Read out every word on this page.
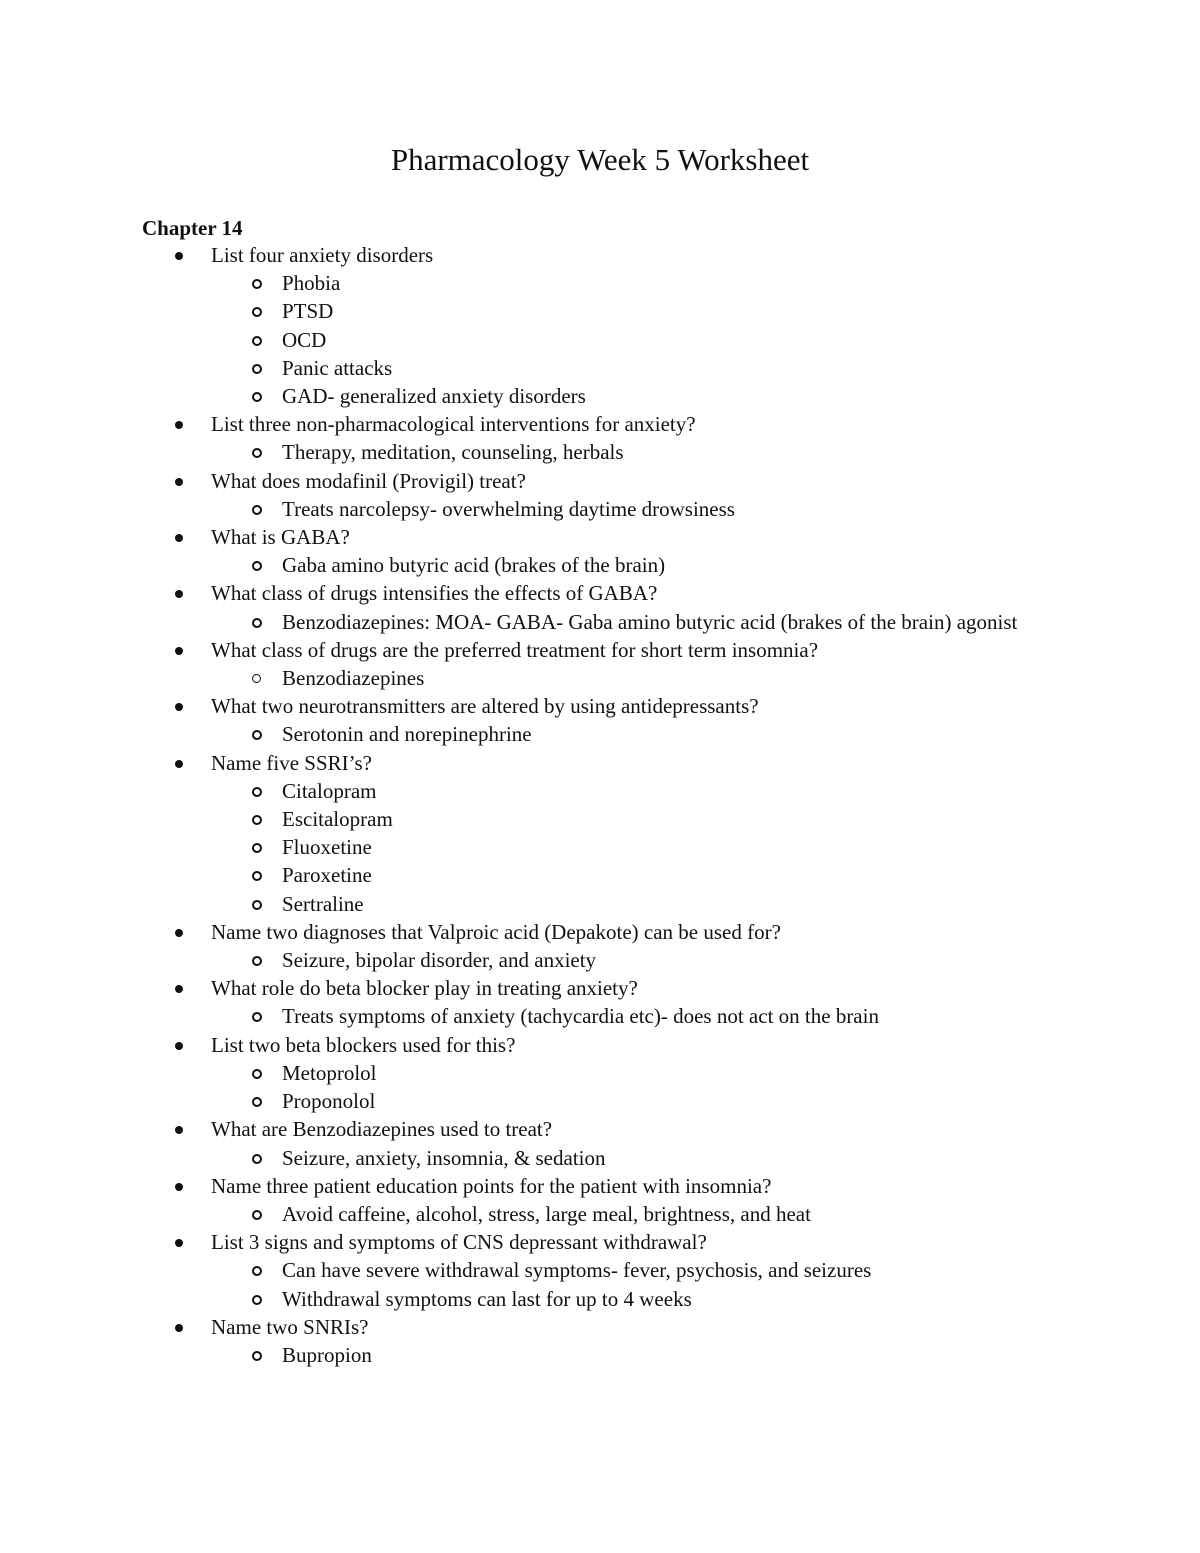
Pharmacology Week 5 Worksheet
Chapter 14
List four anxiety disorders
Phobia
PTSD
OCD
Panic attacks
GAD- generalized anxiety disorders
List three non-pharmacological interventions for anxiety?
Therapy, meditation, counseling, herbals
What does modafinil (Provigil) treat?
Treats narcolepsy- overwhelming daytime drowsiness
What is GABA?
Gaba amino butyric acid (brakes of the brain)
What class of drugs intensifies the effects of GABA?
Benzodiazepines: MOA- GABA- Gaba amino butyric acid (brakes of the brain) agonist
What class of drugs are the preferred treatment for short term insomnia?
Benzodiazepines
What two neurotransmitters are altered by using antidepressants?
Serotonin and norepinephrine
Name five SSRI’s?
Citalopram
Escitalopram
Fluoxetine
Paroxetine
Sertraline
Name two diagnoses that Valproic acid (Depakote) can be used for?
Seizure, bipolar disorder, and anxiety
What role do beta blocker play in treating anxiety?
Treats symptoms of anxiety (tachycardia etc)- does not act on the brain
List two beta blockers used for this?
Metoprolol
Proponolol
What are Benzodiazepines used to treat?
Seizure, anxiety, insomnia, & sedation
Name three patient education points for the patient with insomnia?
Avoid caffeine, alcohol, stress, large meal, brightness, and heat
List 3 signs and symptoms of CNS depressant withdrawal?
Can have severe withdrawal symptoms- fever, psychosis, and seizures
Withdrawal symptoms can last for up to 4 weeks
Name two SNRIs?
Bupropion
